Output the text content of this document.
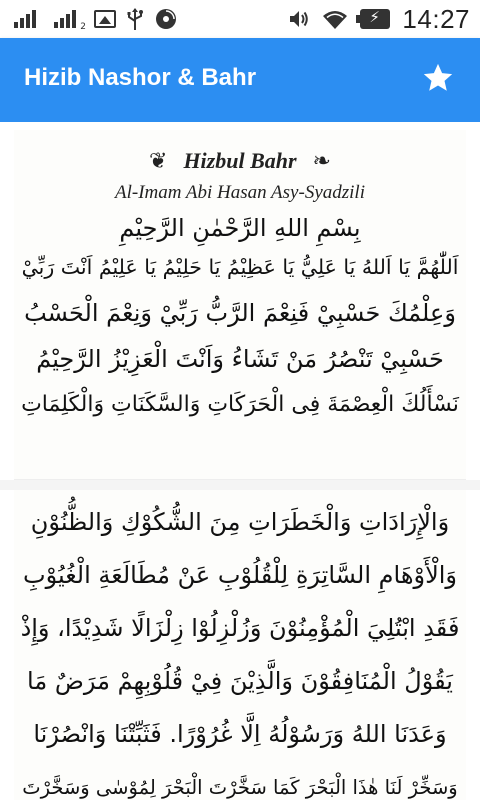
2
⚡	14:27
Hizib Nashor & Bahr
❦ Hizbul Bahr ❧
Al-Imam Abi Hasan Asy-Syadzili
بِسْمِ اللهِ الرَّحْمٰنِ الرَّحِيْمِ
اَللّٰهُمَّ يَا اَللهُ يَا عَلِيُّ يَا عَظِيْمُ يَا حَلِيْمُ يَا عَلِيْمُ اَنْتَ رَبِّيْ
وَعِلْمُكَ حَسْبِيْ فَنِعْمَ الرَّبُّ رَبِّيْ وَنِعْمَ الْحَسْبُ
حَسْبِيْ تَنْصُرُ مَنْ تَشَاءُ وَاَنْتَ الْعَزِيْزُ الرَّحِيْمُ
نَسْأَلُكَ الْعِصْمَةَ فِى الْحَرَكَاتِ وَالسَّكَنَاتِ وَالْكَلِمَاتِ
وَالْإِرَادَاتِ وَالْخَطَرَاتِ مِنَ الشُّكُوْكِ وَالظُّنُوْنِ
وَالْأَوْهَامِ السَّاتِرَةِ لِلْقُلُوْبِ عَنْ مُطَالَعَةِ الْغُيُوْبِ
فَقَدِ ابْتُلِيَ الْمُؤْمِنُوْنَ وَزُلْزِلُوْا زِلْزَالًا شَدِيْدًا، وَإِذْ
يَقُوْلُ الْمُنَافِقُوْنَ وَالَّذِيْنَ فِيْ قُلُوْبِهِمْ مَرَضٌ مَا
وَعَدَنَا اللهُ وَرَسُوْلُهُ اِلَّا غُرُوْرًا. فَثَبِّتْنَا وَانْصُرْنَا
وَسَخِّرْ لَنَا هٰذَا الْبَحْرَ كَمَا سَخَّرْتَ الْبَحْرَ لِمُوْسٰى وَسَخَّرْتَ
